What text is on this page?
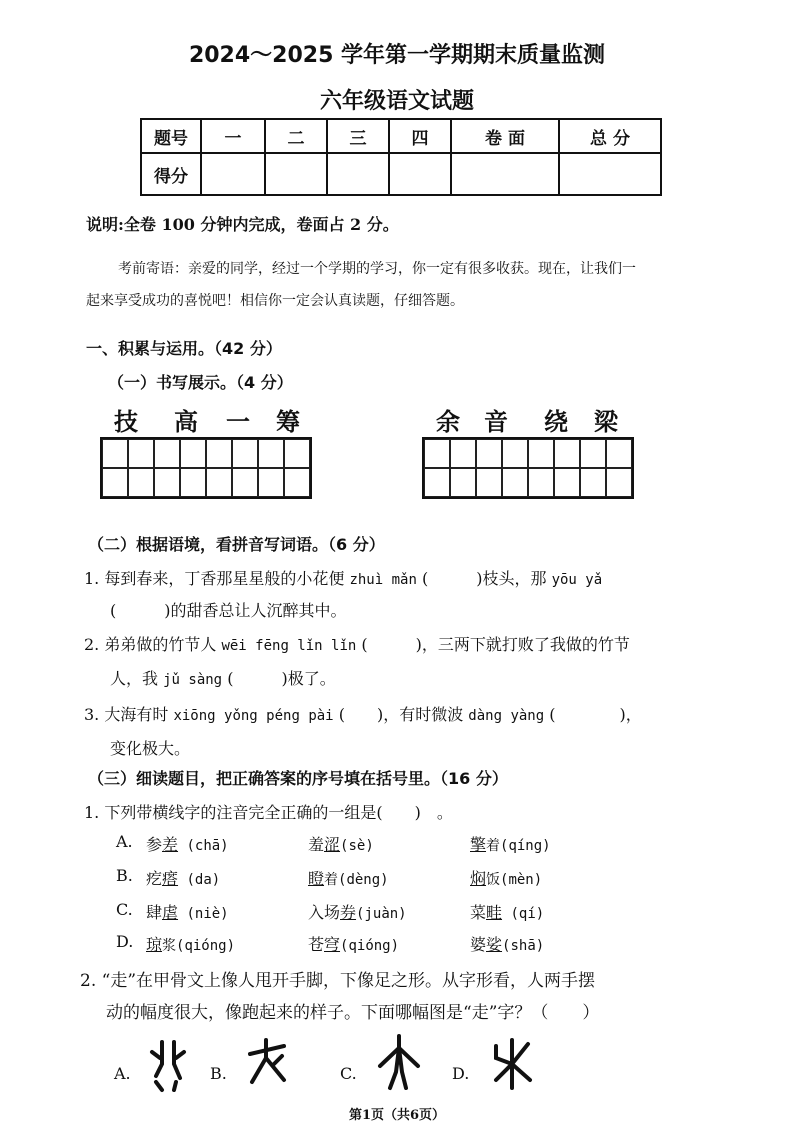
2024～2025 学年第一学期期末质量监测
六年级语文试题
题号	一	二	三	四	卷 面	总 分
得分						
说明:全卷 100 分钟内完成，卷面占 2 分。
考前寄语：亲爱的同学，经过一个学期的学习，你一定有很多收获。现在，让我们一
起来享受成功的喜悦吧！相信你一定会认真读题，仔细答题。
一、积累与运用。（42 分）
（一）书写展示。（4 分）
技 高 一 筹	余 音 绕 梁
（二）根据语境，看拼音写词语。（6 分）
1. 每到春来，丁香那星星般的小花便 zhuì mǎn (　　　)枝头，那 yōu yǎ
(　　　)的甜香总让人沉醉其中。
2. 弟弟做的竹节人 wēi fēng lǐn lǐn (　　　)，三两下就打败了我做的竹节
人，我 jǔ sàng (　　　)极了。
3. 大海有时 xiōng yǒng péng pài (　　)，有时微波 dàng yàng (　　　　)，
变化极大。
（三）细读题目，把正确答案的序号填在括号里。（16 分）
1. 下列带横线字的注音完全正确的一组是(　　)　。
A. 参差 (chā)	羞涩(sè)	擎着(qíng)
B. 疙瘩 (da)	瞪着(dèng)	焖饭(mèn)
C. 肆虐 (niè)	入场券(juàn)	菜畦 (qí)
D. 琼浆(qióng)	苍穹(qióng)	婆娑(shā)
2. “走”在甲骨文上像人甩开手脚，下像足之形。从字形看，人两手摆
动的幅度很大，像跑起来的样子。下面哪幅图是“走”字？（　　）
A.	B.	C.	D.
第1页（共6页）
